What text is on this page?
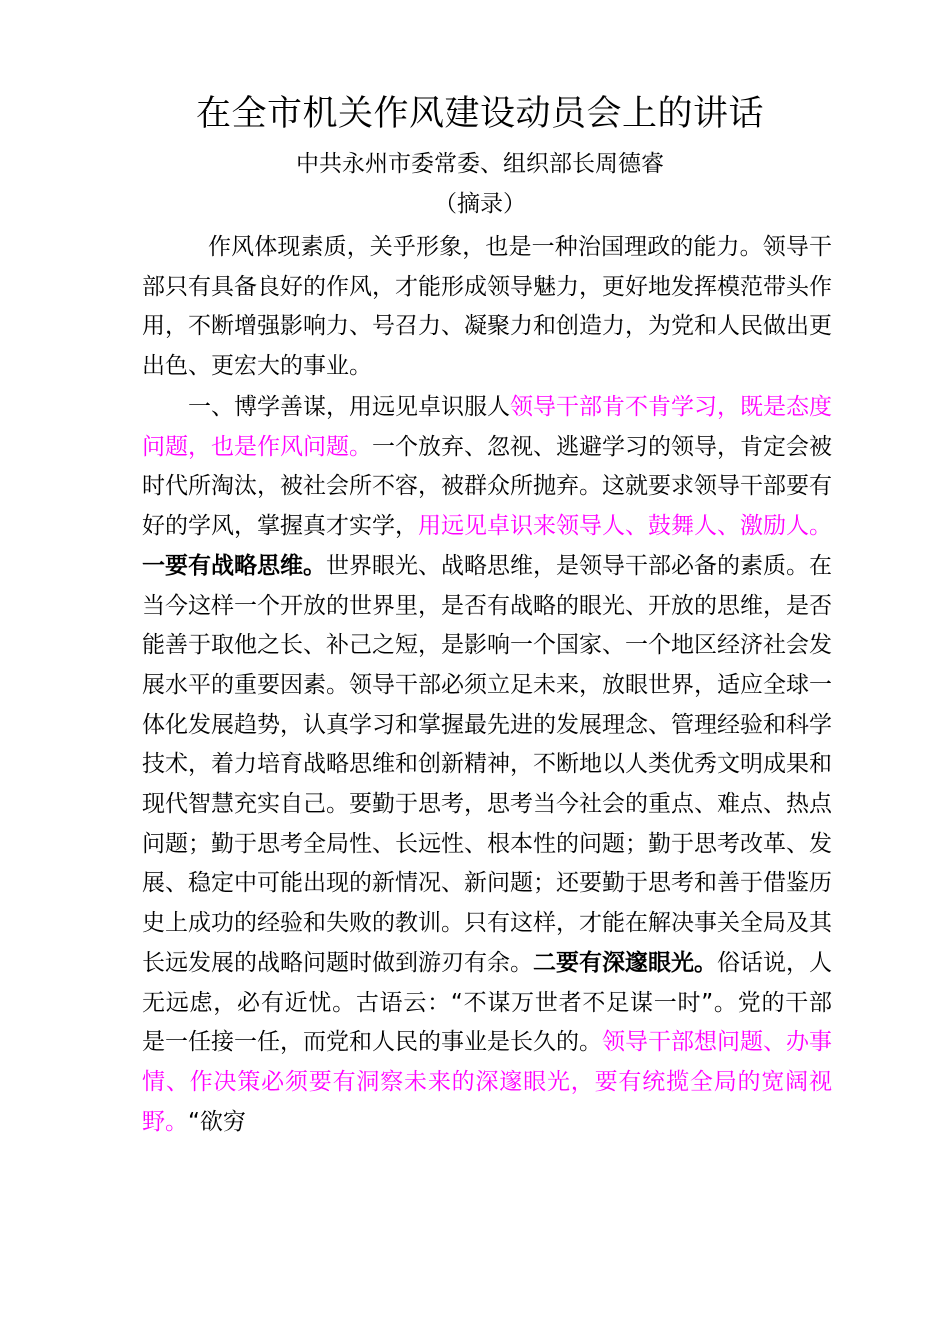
在全市机关作风建设动员会上的讲话
中共永州市委常委、组织部长周德睿
（摘录）

作风体现素质，关乎形象，也是一种治国理政的能力。领导干部只有具备良好的作风，才能形成领导魅力，更好地发挥模范带头作用，不断增强影响力、号召力、凝聚力和创造力，为党和人民做出更出色、更宏大的事业。

一、博学善谋，用远见卓识服人领导干部肯不肯学习，既是态度问题，也是作风问题。一个放弃、忽视、逃避学习的领导，肯定会被时代所淘汰，被社会所不容，被群众所抛弃。这就要求领导干部要有好的学风，掌握真才实学，用远见卓识来领导人、鼓舞人、激励人。一要有战略思维。世界眼光、战略思维，是领导干部必备的素质。在当今这样一个开放的世界里，是否有战略的眼光、开放的思维，是否能善于取他之长、补己之短，是影响一个国家、一个地区经济社会发展水平的重要因素。领导干部必须立足未来，放眼世界，适应全球一体化发展趋势，认真学习和掌握最先进的发展理念、管理经验和科学技术，着力培育战略思维和创新精神，不断地以人类优秀文明成果和现代智慧充实自己。要勤于思考，思考当今社会的重点、难点、热点问题；勤于思考全局性、长远性、根本性的问题；勤于思考改革、发展、稳定中可能出现的新情况、新问题；还要勤于思考和善于借鉴历史上成功的经验和失败的教训。只有这样，才能在解决事关全局及其长远发展的战略问题时做到游刃有余。二要有深邃眼光。俗话说，人无远虑，必有近忧。古语云：“不谋万世者不足谋一时”。党的干部是一任接一任，而党和人民的事业是长久的。领导干部想问题、办事情、作决策必须要有洞察未来的深邃眼光，要有统揽全局的宽阔视野。“欲穷
